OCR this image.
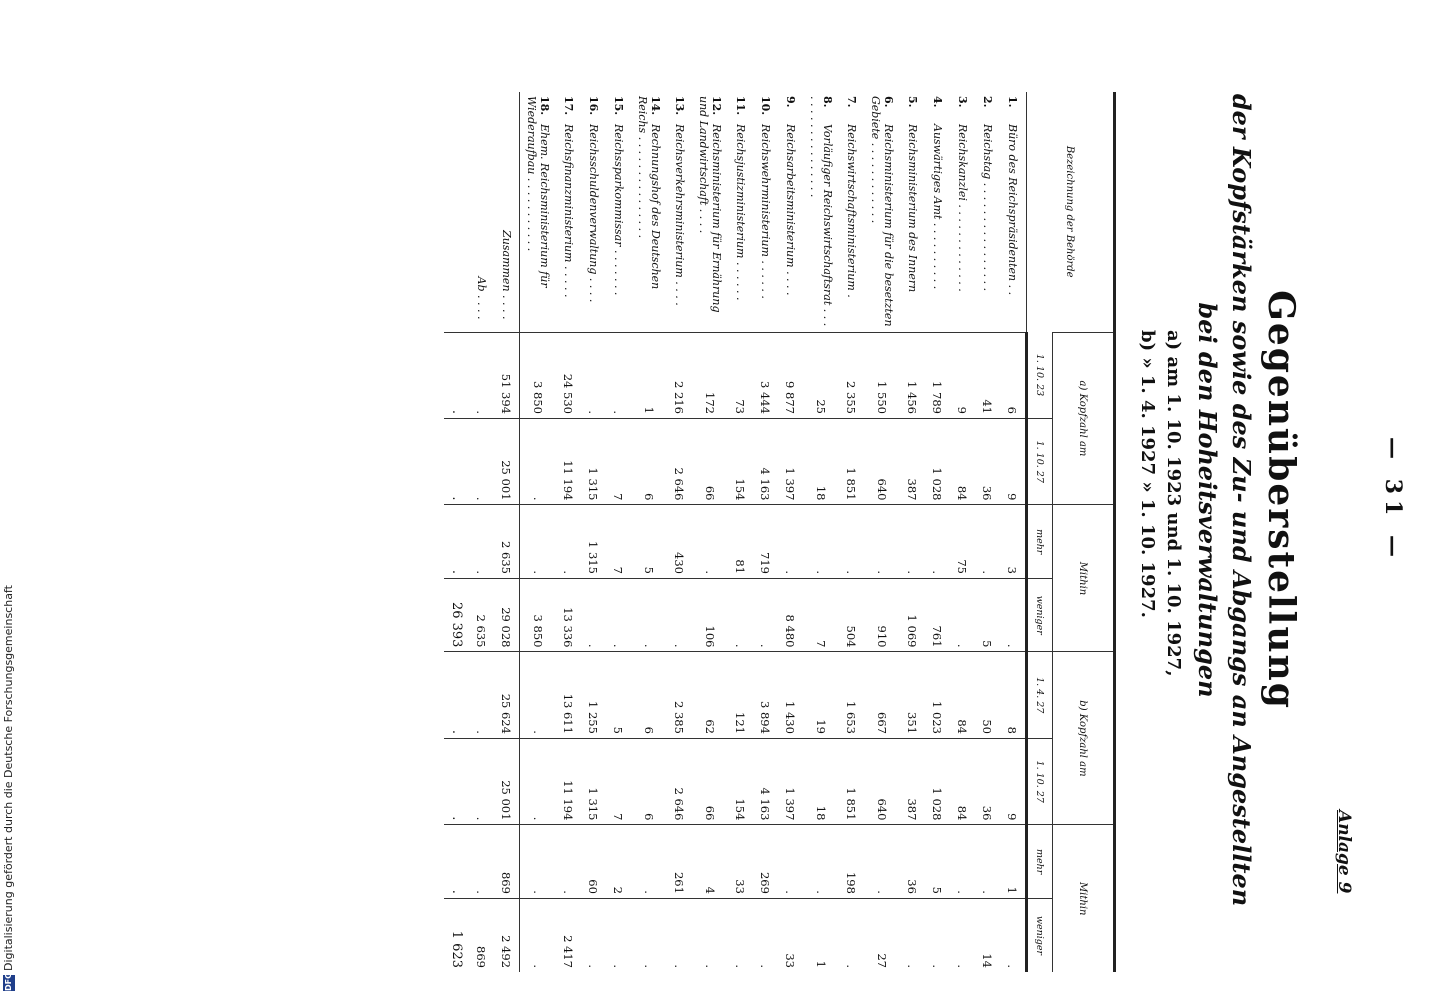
DFG
Digitalisierung gefördert durch die Deutsche Forschungsgemeinschaft
— 31 —
Anlage 9
Gegenüberstellung
der Kopfstärken sowie des Zu- und Abgangs an Angestellten
bei den Hoheitsverwaltungen
a) am 1. 10. 1923 und 1. 10. 1927,
b) » 1. 4. 1927 » 1. 10. 1927.
Bezeichnung der Behörde	a) Kopfzahl am		Mithin		b) Kopfzahl am		Mithin	
	1. 10. 23	1. 10. 27	mehr	weniger	1. 4. 27	1. 10. 27	mehr	weniger
1.Büro des Reichspräsidenten . .	6	9	3	.	8	9	1	.
2.Reichstag . . . . . . . . . . . . . . . .	41	36	.	5	50	36	.	14
3.Reichskanzlei . . . . . . . . . . . . .	9	84	75	.	84	84	.	.
4.Auswärtiges Amt . . . . . . . . . .	1 789	1 028	.	761	1 023	1 028	5	.
5.Reichsministerium des Innern	1 456	387	.	1 069	351	387	36	.
6.Reichsministerium für die besetzten Gebiete . . . . . . . . . . . .	1 550	640	.	910	667	640	.	27
7.Reichswirtschaftsministerium .	2 355	1 851	.	504	1 653	1 851	198	.
8.Vorläufiger Reichswirtschaftsrat . . . . . . . . . . . . . . . . . .	25	18	.	7	19	18	.	1
9.Reichsarbeitsministerium . . . .	9 877	1 397	.	8 480	1 430	1 397	.	33
10.Reichswehrministerium . . . . . .	3 444	4 163	719	.	3 894	4 163	269	.
11.Reichsjustizministerium . . . . . .	73	154	81	.	121	154	33	.
12.Reichsministerium für Ernährung und Landwirtschaft . . . .	172	66	.	106	62	66	4	.
13.Reichsverkehrsministerium . . . .	2 216	2 646	430	.	2 385	2 646	261	.
14.Rechnungshof des Deutschen Reichs . . . . . . . . . . . . . . .	1	6	5	.	6	6	.	.
15.Reichssparkommissar . . . . . . .	.	7	7	.	5	7	2	.
16.Reichsschuldenverwaltung . . . .	.	1 315	1 315	.	1 255	1 315	60	.
17.Reichsfinanzministerium . . . . .	24 530	11 194	.	13 336	13 611	11 194	.	2 417
18.Ehem. Reichsministerium für Wiederaufbau . . . . . . . . . . .	3 850	.	.	3 850	.	.	.	.
Zusammen . . . .	51 394	25 001	2 635	29 028	25 624	25 001	869	2 492
Ab . . . .	.	.	.	2 635	.	.	.	869
	.	.	.	26 393	.	.	.	1 623
